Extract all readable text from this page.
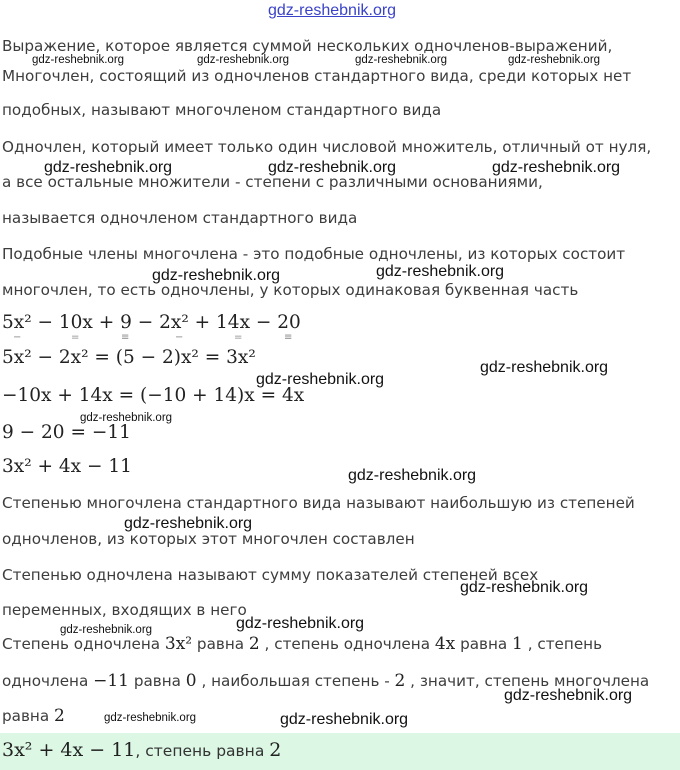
gdz-reshebnik.org
Выражение, которое является суммой нескольких одночленов-выражений,
Многочлен, состоящий из одночленов стандартного вида, среди которых нет
подобных, называют многочленом стандартного вида
Одночлен, который имеет только один числовой множитель, отличный от нуля,
а все остальные множители - степени с различными основаниями,
называется одночленом стандартного вида
Подобные члены многочлена - это подобные одночлены, из которых состоит
многочлен, то есть одночлены, у которых одинаковая буквенная часть
5x² − 10x + 9 − 2x² + 14x − 20
−	=	≡	−	=	≡
5x² − 2x² = (5 − 2)x² = 3x²
−10x + 14x = (−10 + 14)x = 4x
9 − 20 = −11
3x² + 4x − 11
Степенью многочлена стандартного вида называют наибольшую из степеней
одночленов, из которых этот многочлен составлен
Степенью одночлена называют сумму показателей степеней всех
переменных, входящих в него
Степень одночлена 3x² равна 2 , степень одночлена 4x равна 1 , степень
одночлена −11 равна 0 , наибольшая степень - 2 , значит, степень многочлена
равна 2
3x² + 4x − 11, степень равна 2
gdz-reshebnik.org	gdz-reshebnik.org	gdz-reshebnik.org	gdz-reshebnik.org
gdz-reshebnik.org	gdz-reshebnik.org	gdz-reshebnik.org
gdz-reshebnik.org	gdz-reshebnik.org
gdz-reshebnik.org
gdz-reshebnik.org
gdz-reshebnik.org
gdz-reshebnik.org
gdz-reshebnik.org
gdz-reshebnik.org
gdz-reshebnik.org
gdz-reshebnik.org
gdz-reshebnik.org
gdz-reshebnik.org	gdz-reshebnik.org
